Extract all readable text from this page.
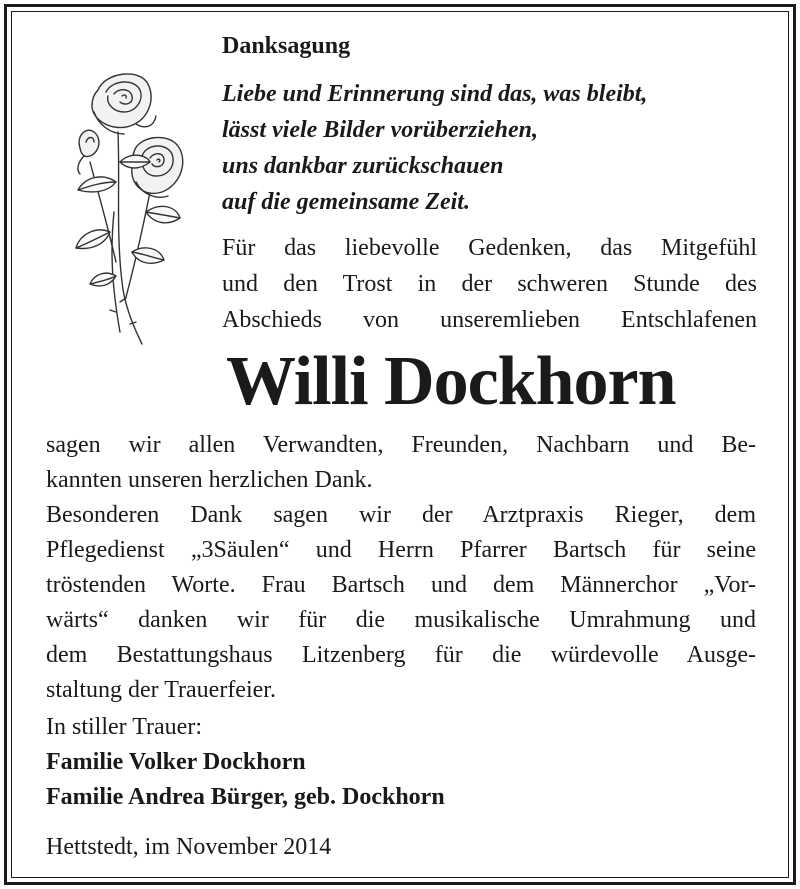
Danksagung
Liebe und Erinnerung sind das, was bleibt,
lässt viele Bilder vorüberziehen,
uns dankbar zurückschauen
auf die gemeinsame Zeit.
Für das liebevolle Gedenken, das Mitgefühl
und den Trost in der schweren Stunde des
Abschieds von unseremlieben Entschlafenen
Willi Dockhorn
sagen wir allen Verwandten, Freunden, Nachbarn und Be-
kannten unseren herzlichen Dank.
Besonderen Dank sagen wir der Arztpraxis Rieger, dem
Pflegedienst „3Säulen“ und Herrn Pfarrer Bartsch für seine
tröstenden Worte. Frau Bartsch und dem Männerchor „Vor-
wärts“ danken wir für die musikalische Umrahmung und
dem Bestattungshaus Litzenberg für die würdevolle Ausge-
staltung der Trauerfeier.
In stiller Trauer:
Familie Volker Dockhorn
Familie Andrea Bürger, geb. Dockhorn
Hettstedt, im November 2014
